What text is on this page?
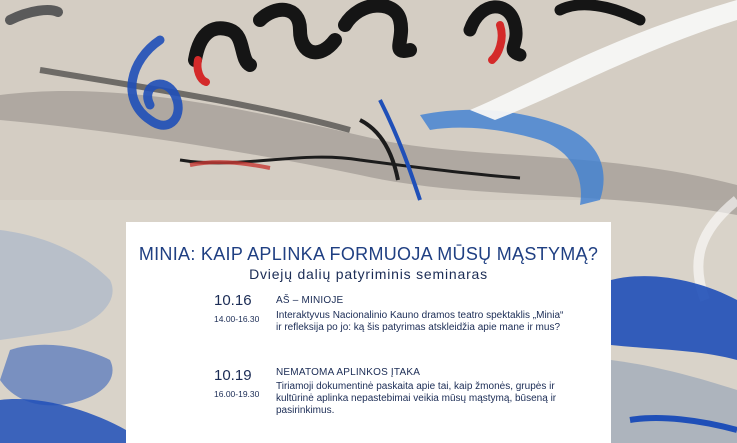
MINIA: KAIP APLINKA FORMUOJA MŪSŲ MĄSTYMĄ?
Dviejų dalių patyriminis seminaras
10.16
14.00-16.30
AŠ – MINIOJE
Interaktyvus Nacionalinio Kauno dramos teatro spektaklis „Minia“ ir refleksija po jo: ką šis patyrimas atskleidžia apie mane ir mus?
10.19
16.00-19.30
NEMATOMA APLINKOS ĮTAKA
Tiriamoji dokumentinė paskaita apie tai, kaip žmonės, grupės ir kultūrinė aplinka nepastebimai veikia mūsų mąstymą, būseną ir pasirinkimus.
